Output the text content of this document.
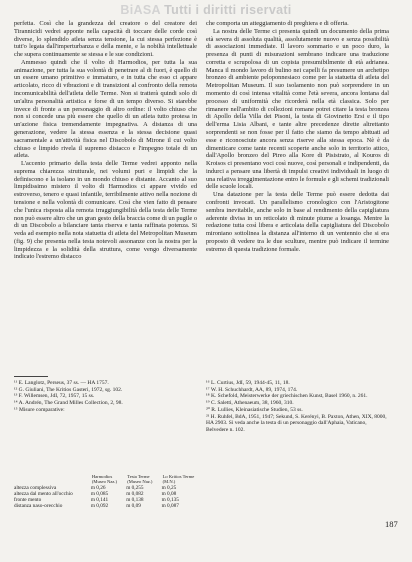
BiASA Tutti i diritti riservati

perfetta. Così che la grandezza del creatore o del creatore dei Tirannicidi vedrei apponte nella capacità di toccare delle corde così diverse, lo splendido atleta senza tensione, la cui stessa perfezione è tutt'o legata dall'imperturbanza e della mente, e la nobiltà intellettuale che supera continuamente se stessa e le sue condizioni.

Ammesso quindi che il volto di Harmodios, per tutta la sua animazione, per tutta la sua volontà di penetrare al di fuori, è quello di un essere umano primitivo e immaturo, e in tutta che esso ci appare articolato, ricco di vibrazioni e di transizioni al confronto della remota incomunicabilità dell'atleta delle Terme. Non si tratterà quindi solo di un'altra personalità artistica e forse di un tempo diverso. Si starebbe invece di fronte a un personaggio di altro ordine: il volto chiuso che non si concede una più essere che quello di un atleta tutto protesa in un'azione fisica tremendamente impegnativa. A distanza di una generazione, vedere la stessa essenza e la stessa decisione quasi sacramentale a un'attività fisica nel Discobolo di Mirone il cui volto chiuso e limpido rivela il supremo distacco e l'impegno totale di un atleta.

L'accento primario della testa delle Terme vedrei apponto nella suprema chiarezza strutturale, nei volumi puri e limpidi che la definiscono e la isolano in un mondo chiuso e distante. Accanto al suo limpidissimo mistero il volto di Harmodios ci appare vivido ed estroverso, tenero e quasi infantile, terribilmente attivo nella nozione di tensione e nella volontà di comunicare. Così che vien fatto di pensare che l'unica risposta alla remota irraggiungibilità della testa delle Terme non può essere altro che un gran gesto della braccia come di un pugile o di un Discobolo a bilanciare tanta riserva e tanta raffinata potenza. Si veda ad esempio nella nota statuetta di atleta del Metropolitan Museum (fig. 9) che presenta nella testa notevoli assonanze con la nostra per la limpidezza e la solidità della struttura, come vengo diversamente indicato l'estremo distacco

che comporta un atteggiamento di preghiera e di offerta.

La nostra delle Terme ci presenta quindi un documento della prima età severa di assoluta qualità, assolutamente nuovo e senza possibilità di associazioni immediate. Il lavoro sommario e un poco duro, la presenza di punti di misurazioni sembrano indicare una traduzione corretta e scrupolosa di un copista presumibilmente di età adrianea. Manca il mondo lavoro di bulino nei capelli fa presumere un archetipo bronzeo di ambiente peloponnesiaco come per la statuetta di atleta del Metropolitan Museum. Il suo isolamento non può sorprendere in un momento di così intensa vitalità come l'età severa, ancora lontana dal processo di uniformità che ricorderà nella età classica. Solo per rimanere nell'ambito di collezioni romane potrei citare la testa bronzea di Apollo della Villa dei Pisoni, la testa di Giovinetto Ersi e il tipo dell'erma Lisia Albani, e tante altre precedenze dirette altrettanto sorprendenti se non fosse per il fatto che siamo da tempo abituati ad esse e riconosciute ancora senza riserve alla stessa epoca. Nè è da dimenticare come tante recenti scoperte anche solo in territorio attico, dall'Apollo bronzeo del Pireo alla Kore di Pisistrato, al Kouros di Kroisos ci presentano voci così nuove, così personali e indipendenti, da indurci a pensare una libertà di impulsi creativi individuali in luogo di una relativa irreggimentazione entro le formule e gli schemi tradizionali delle scuole locali.

Una datazione per la testa delle Terme può essere dedotta dai confronti invocati. Un parallelismo cronologico con l'Aristogitone sembra inevitabile, anche solo in base al rendimento della capigliatura aderente divisa in un reticolato di minute piume a losanga. Mentre la redazione tutta così libera e articolata della capigliatura del Discobolo mironiano sottolinea la distanza all'interno di un ventennio che si era proposto di vedere tra le due sculture, mentre può indicare il termine estremo di questa tradizione formale.

¹¹ E. Langlotz, Perseus, 37 ss. — HA 1757.
¹² G. Giuliani, The Kritios Gasteri, 1972, sg. 102.
¹³ F. Willemsen, JdI, 72, 1957, 15 ss.
¹⁴ A. Andrén, The Grand Milles Collection, 2, 98.
¹⁵ Misure comparative:
	Harmodios (Museo Naz.)	Testa Terme (Museo Naz.)	Lo Kritios Terme (M.N.)
altezza complessiva	m 0,26	m 0,255	m 0,25
altezza dal mento all'occhio	m 0,085	m 0,082	m 0,08
fronte mento	m 0,141	m 0,138	m 0,135
distanza naso-orecchio	m 0,092	m 0,09	m 0,087
¹⁶ L. Curtius, JdI, 59, 1944-45, 11, 18.
¹⁷ W. H. Schuchhardt, AA, 89, 1974, 174.
¹⁸ K. Schefold, Meisterwerke der griechischen Kunst, Basel 1960, n. 261.
¹⁹ C. Saletti, Athenaeum, 38, 1960, 310.
²⁰ R. Lullies, Kleinasiatische Studien, 53 ss.
²¹ H. Ruhfel, BdA, 1951, 1947; Sekund, S. Kerényi, B. Paxton, Athen, XIX, 8000, HA 2903. Si veda anche la testa di un personaggio dall'Aphaia, Vaticano, Belvedere n. 102.
187
